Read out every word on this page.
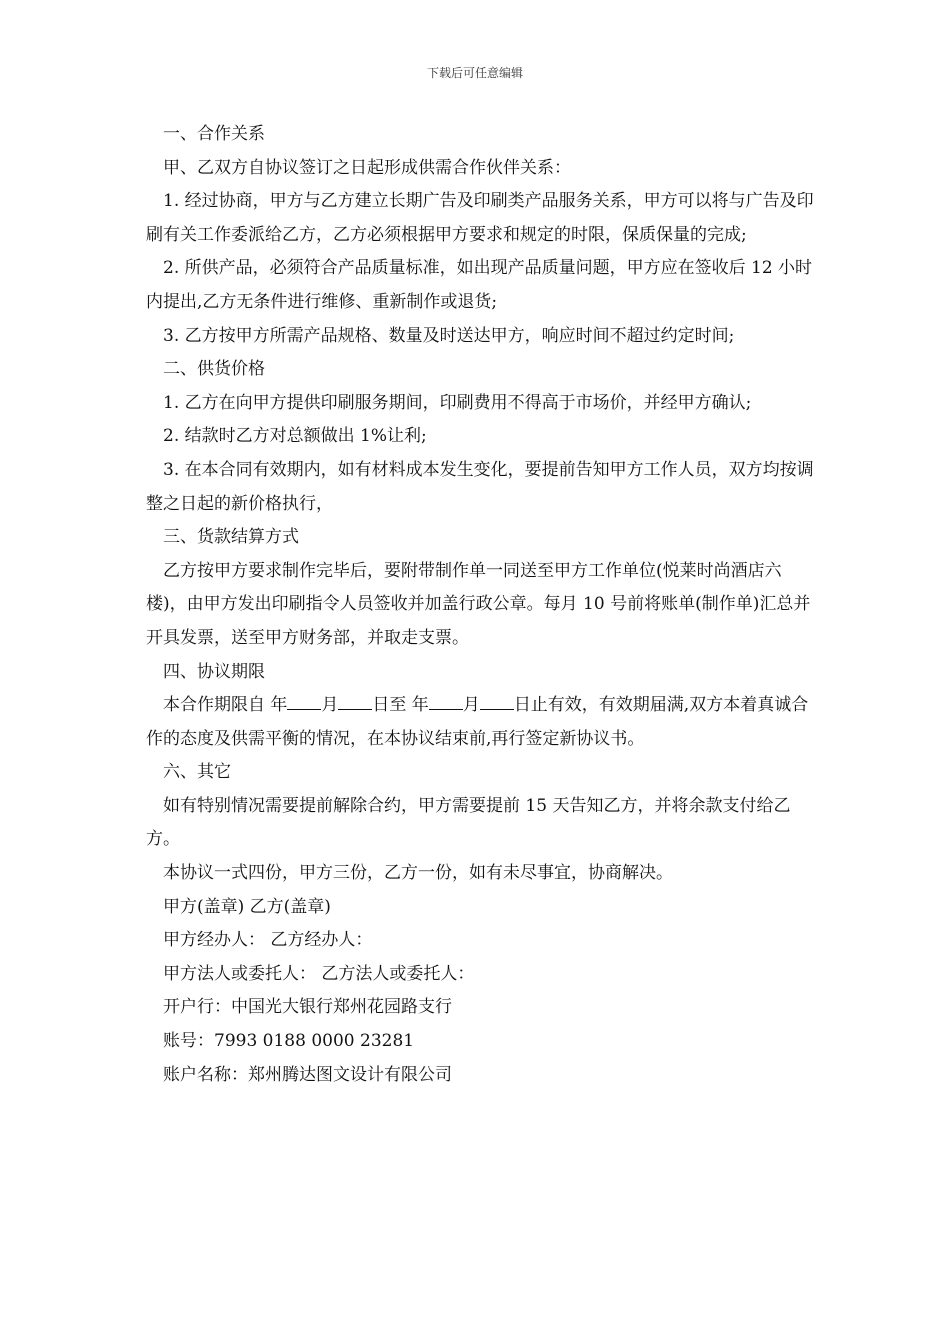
下载后可任意编辑

一、合作关系

甲、乙双方自协议签订之日起形成供需合作伙伴关系：

1. 经过协商，甲方与乙方建立长期广告及印刷类产品服务关系，甲方可以将与广告及印刷有关工作委派给乙方，乙方必须根据甲方要求和规定的时限，保质保量的完成;

2. 所供产品，必须符合产品质量标准，如出现产品质量问题，甲方应在签收后 12 小时内提出,乙方无条件进行维修、重新制作或退货;

3. 乙方按甲方所需产品规格、数量及时送达甲方，响应时间不超过约定时间;

二、供货价格

1. 乙方在向甲方提供印刷服务期间，印刷费用不得高于市场价，并经甲方确认;

2. 结款时乙方对总额做出 1%让利;

3. 在本合同有效期内，如有材料成本发生变化，要提前告知甲方工作人员，双方均按调整之日起的新价格执行，

三、货款结算方式

乙方按甲方要求制作完毕后，要附带制作单一同送至甲方工作单位(悦莱时尚酒店六楼)，由甲方发出印刷指令人员签收并加盖行政公章。每月 10 号前将账单(制作单)汇总并开具发票，送至甲方财务部，并取走支票。

四、协议期限

本合作期限自 年 月 日至 年 月 日止有效，有效期届满,双方本着真诚合作的态度及供需平衡的情况，在本协议结束前,再行签定新协议书。

六、其它

如有特别情况需要提前解除合约，甲方需要提前 15 天告知乙方，并将余款支付给乙方。

本协议一式四份，甲方三份，乙方一份，如有未尽事宜，协商解决。

甲方(盖章) 乙方(盖章)

甲方经办人： 乙方经办人：

甲方法人或委托人： 乙方法人或委托人：

开户行：中国光大银行郑州花园路支行

账号：7993 0188 0000 23281

账户名称：郑州腾达图文设计有限公司
